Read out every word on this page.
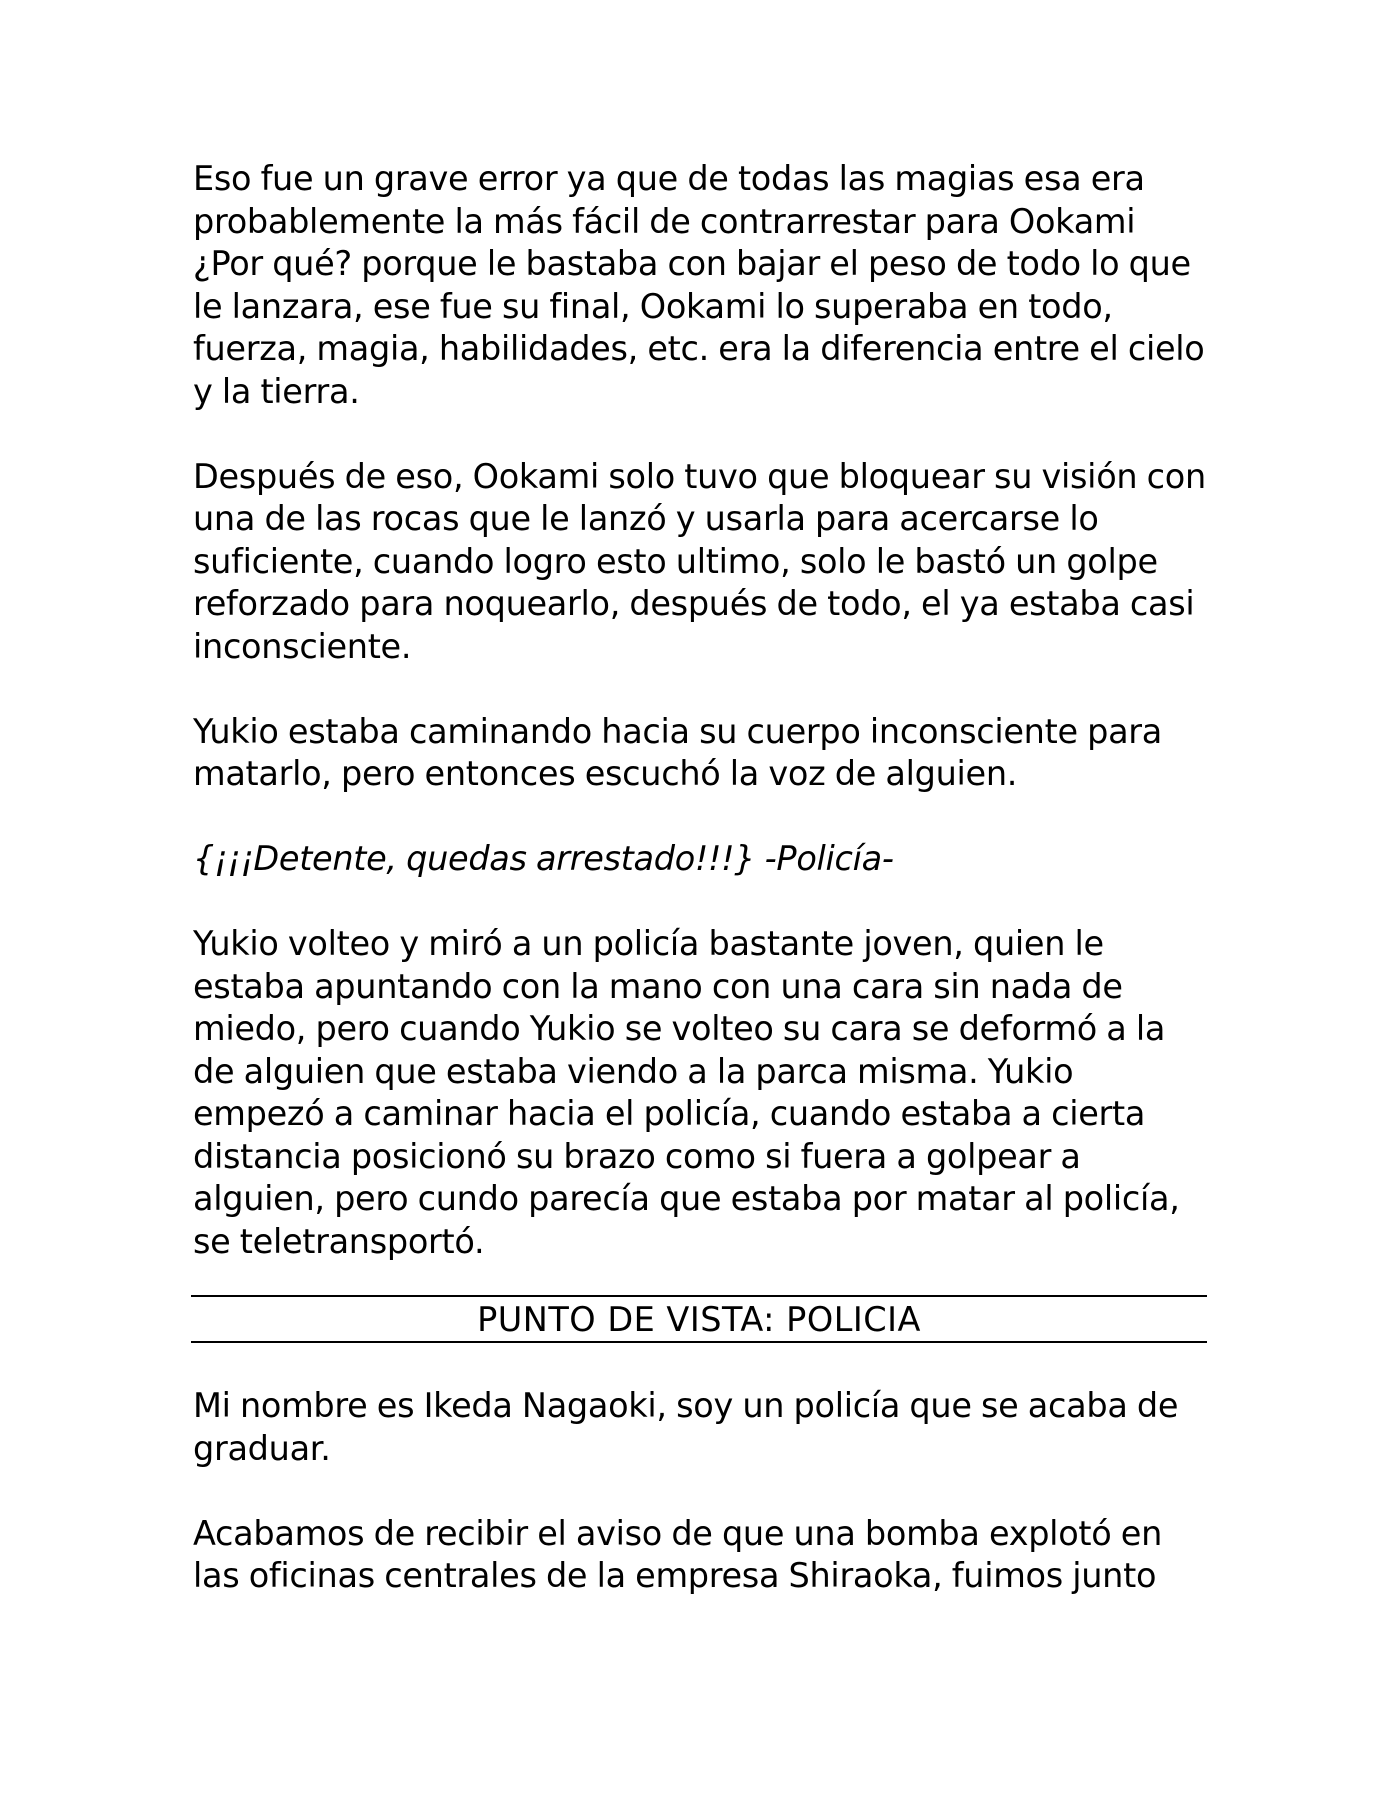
Eso fue un grave error ya que de todas las magias esa era probablemente la más fácil de contrarrestar para Ookami ¿Por qué? porque le bastaba con bajar el peso de todo lo que le lanzara, ese fue su final, Ookami lo superaba en todo, fuerza, magia, habilidades, etc. era la diferencia entre el cielo y la tierra.

Después de eso, Ookami solo tuvo que bloquear su visión con una de las rocas que le lanzó y usarla para acercarse lo suficiente, cuando logro esto ultimo, solo le bastó un golpe reforzado para noquearlo, después de todo, el ya estaba casi inconsciente.

Yukio estaba caminando hacia su cuerpo inconsciente para matarlo, pero entonces escuchó la voz de alguien.

{¡¡¡Detente, quedas arrestado!!!} -Policía-

Yukio volteo y miró a un policía bastante joven, quien le estaba apuntando con la mano con una cara sin nada de miedo, pero cuando Yukio se volteo su cara se deformó a la de alguien que estaba viendo a la parca misma. Yukio empezó a caminar hacia el policía, cuando estaba a cierta distancia posicionó su brazo como si fuera a golpear a alguien, pero cundo parecía que estaba por matar al policía, se teletransportó.

PUNTO DE VISTA: POLICIA

Mi nombre es Ikeda Nagaoki, soy un policía que se acaba de graduar.

Acabamos de recibir el aviso de que una bomba explotó en las oficinas centrales de la empresa Shiraoka, fuimos junto
